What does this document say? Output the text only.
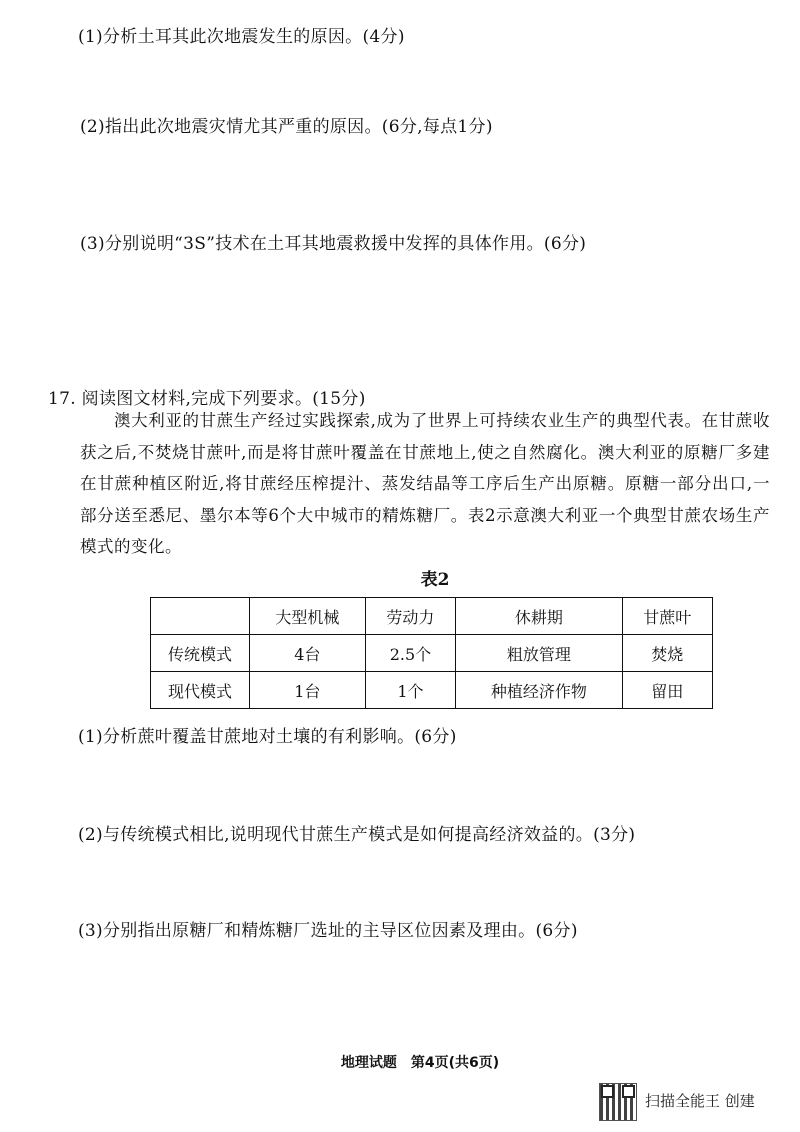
(1)分析土耳其此次地震发生的原因。(4分)
(2)指出此次地震灾情尤其严重的原因。(6分,每点1分)
(3)分别说明“3S”技术在土耳其地震救援中发挥的具体作用。(6分)
17. 阅读图文材料,完成下列要求。(15分)
澳大利亚的甘蔗生产经过实践探索,成为了世界上可持续农业生产的典型代表。在甘蔗收获之后,不焚烧甘蔗叶,而是将甘蔗叶覆盖在甘蔗地上,使之自然腐化。澳大利亚的原糖厂多建在甘蔗种植区附近,将甘蔗经压榨提汁、蒸发结晶等工序后生产出原糖。原糖一部分出口,一部分送至悉尼、墨尔本等6个大中城市的精炼糖厂。表2示意澳大利亚一个典型甘蔗农场生产模式的变化。
表2
	大型机械	劳动力	休耕期	甘蔗叶
传统模式	4台	2.5个	粗放管理	焚烧
现代模式	1台	1个	种植经济作物	留田
(1)分析蔗叶覆盖甘蔗地对土壤的有利影响。(6分)
(2)与传统模式相比,说明现代甘蔗生产模式是如何提高经济效益的。(3分)
(3)分别指出原糖厂和精炼糖厂选址的主导区位因素及理由。(6分)
地理试题　第4页(共6页)
扫描全能王 创建
